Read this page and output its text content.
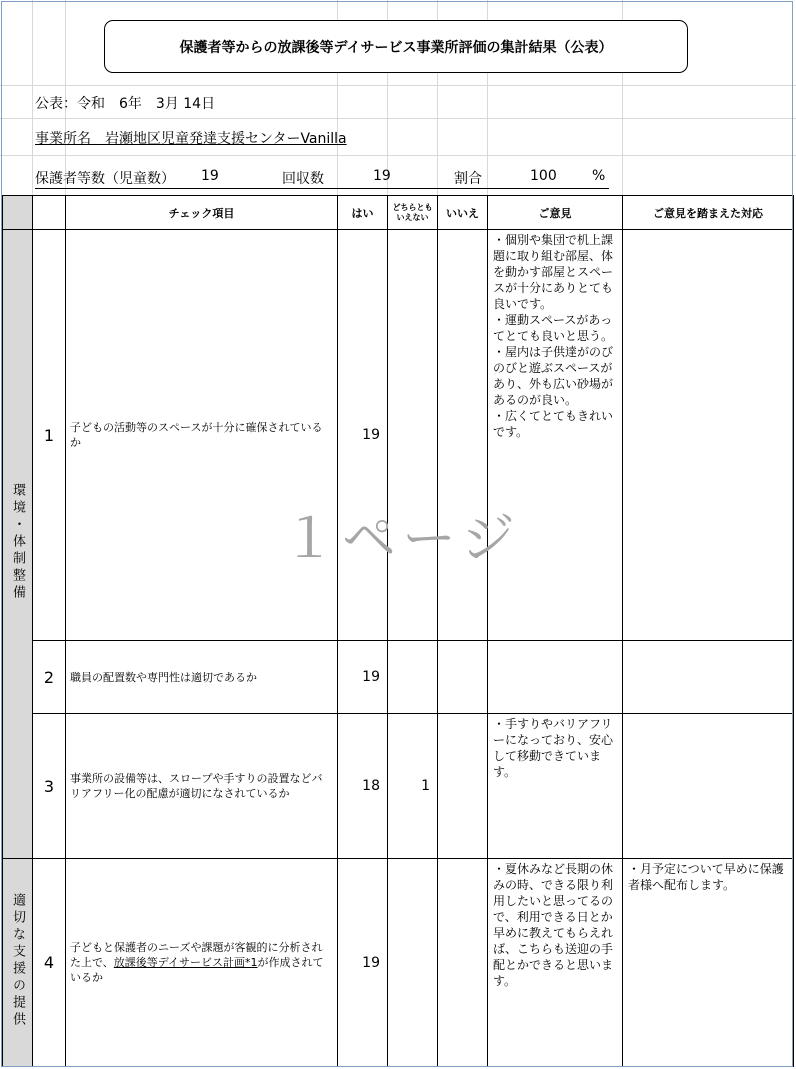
保護者等からの放課後等デイサービス事業所評価の集計結果（公表）
公表：令和　6年　3月 14日
事業所名　岩瀬地区児童発達支援センターVanilla
保護者等数（児童数） 19	回収数	19	割合	100	%
		チェック項目	はい	どちらとも
いえない	いいえ	ご意見	ご意見を踏まえた対応
環境・体制整備	1	子どもの活動等のスペースが十分に確保されているか	19			・個別や集団で机上課題に取り組む部屋、体を動かす部屋とスペースが十分にありとても良いです。
・運動スペースがあってとても良いと思う。
・屋内は子供達がのびのびと遊ぶスペースがあり、外も広い砂場があるのが良い。
・広くてとてもきれいです。	

	2	職員の配置数や専門性は適切であるか	19				
	3	事業所の設備等は、スロープや手すりの設置などバリアフリー化の配慮が適切になされているか	18	1		・手すりやバリアフリーになっており、安心して移動できています。	

適切な支援の提供	4	子どもと保護者のニーズや課題が客観的に分析された上で、放課後等デイサービス計画*1が作成されているか	19			・夏休みなど長期の休みの時、できる限り利用したいと思ってるので、利用できる日とか早めに教えてもらえれば、こちらも送迎の手配とかできると思います。	・月予定について早めに保護者様へ配布します。
１ページ
